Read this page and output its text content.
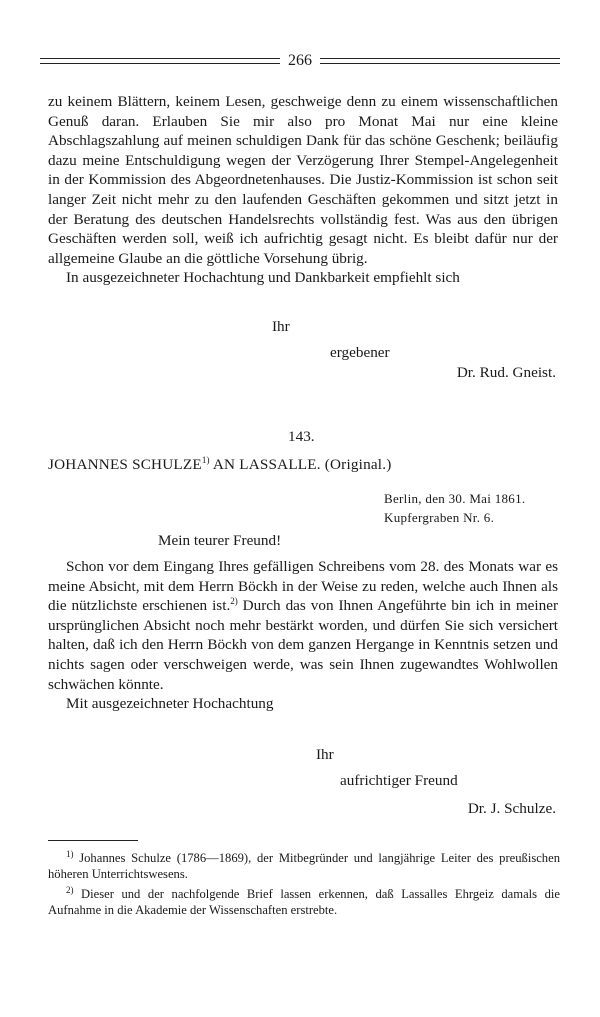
266

zu keinem Blättern, keinem Lesen, geschweige denn zu einem wissenschaftlichen Genuß daran. Erlauben Sie mir also pro Monat Mai nur eine kleine Abschlagszahlung auf meinen schuldigen Dank für das schöne Geschenk; beiläufig dazu meine Entschuldigung wegen der Verzögerung Ihrer Stempel-Angelegenheit in der Kommission des Abgeordnetenhauses. Die Justiz-Kommission ist schon seit langer Zeit nicht mehr zu den laufenden Geschäften gekommen und sitzt jetzt in der Beratung des deutschen Handelsrechts vollständig fest. Was aus den übrigen Geschäften werden soll, weiß ich aufrichtig gesagt nicht. Es bleibt dafür nur der allgemeine Glaube an die göttliche Vorsehung übrig.

In ausgezeichneter Hochachtung und Dankbarkeit empfiehlt sich

Ihr
ergebener
Dr. Rud. Gneist.
143.
JOHANNES SCHULZE$^{1)}$ AN LASSALLE. (Original.)
Berlin, den 30. Mai 1861.
Kupfergraben Nr. 6.
Mein teurer Freund!

Schon vor dem Eingang Ihres gefälligen Schreibens vom 28. des Monats war es meine Absicht, mit dem Herrn Böckh in der Weise zu reden, welche auch Ihnen als die nützlichste erschienen ist.$^{2)}$ Durch das von Ihnen Angeführte bin ich in meiner ursprünglichen Absicht noch mehr bestärkt worden, und dürfen Sie sich versichert halten, daß ich den Herrn Böckh von dem ganzen Hergange in Kenntnis setzen und nichts sagen oder verschweigen werde, was sein Ihnen zugewandtes Wohlwollen schwächen könnte.

Mit ausgezeichneter Hochachtung

Ihr
aufrichtiger Freund
Dr. J. Schulze.

$^{1)}$ Johannes Schulze (1786—1869), der Mitbegründer und langjährige Leiter des preußischen höheren Unterrichtswesens.

$^{2)}$ Dieser und der nachfolgende Brief lassen erkennen, daß Lassalles Ehrgeiz damals die Aufnahme in die Akademie der Wissenschaften erstrebte.
